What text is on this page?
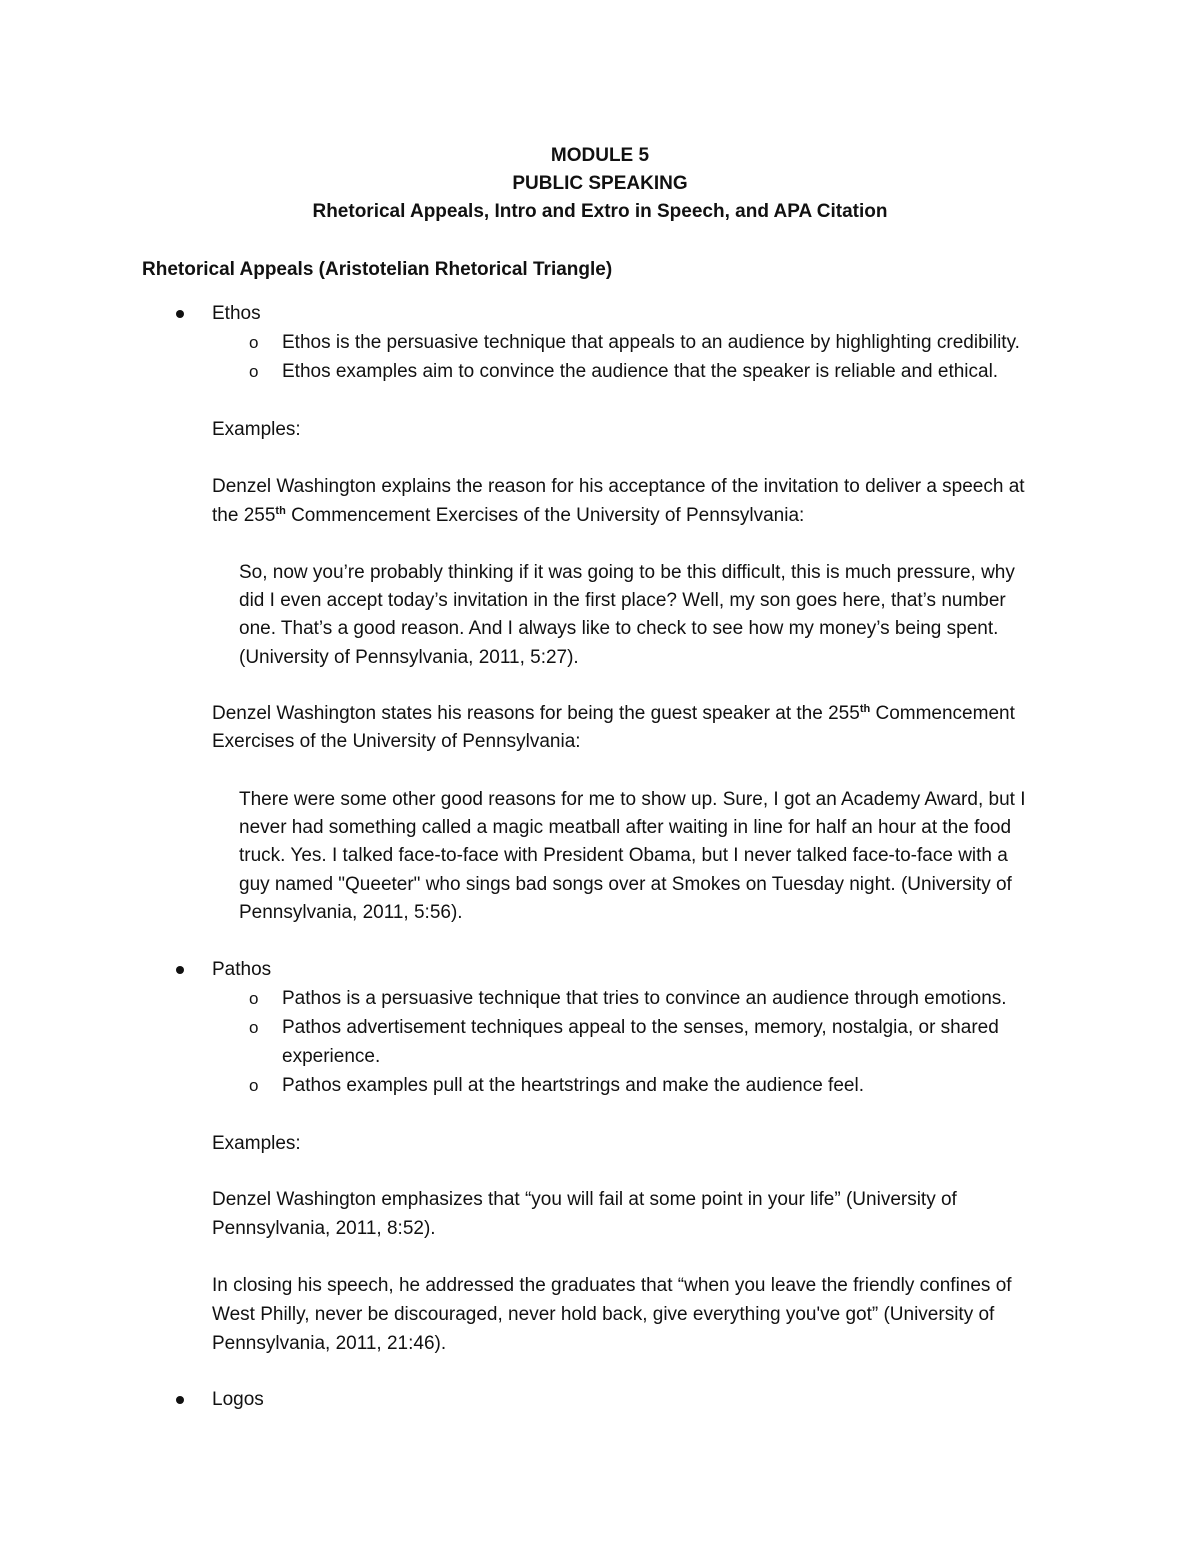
MODULE 5
PUBLIC SPEAKING
Rhetorical Appeals, Intro and Extro in Speech, and APA Citation
Rhetorical Appeals (Aristotelian Rhetorical Triangle)
Ethos
o Ethos is the persuasive technique that appeals to an audience by highlighting credibility.
o Ethos examples aim to convince the audience that the speaker is reliable and ethical.
Examples:
Denzel Washington explains the reason for his acceptance of the invitation to deliver a speech at
the 255th Commencement Exercises of the University of Pennsylvania:
So, now you’re probably thinking if it was going to be this difficult, this is much pressure, why
did I even accept today’s invitation in the first place? Well, my son goes here, that’s number
one. That’s a good reason. And I always like to check to see how my money’s being spent.
(University of Pennsylvania, 2011, 5:27).
Denzel Washington states his reasons for being the guest speaker at the 255th Commencement
Exercises of the University of Pennsylvania:
There were some other good reasons for me to show up. Sure, I got an Academy Award, but I
never had something called a magic meatball after waiting in line for half an hour at the food
truck. Yes. I talked face-to-face with President Obama, but I never talked face-to-face with a
guy named "Queeter" who sings bad songs over at Smokes on Tuesday night. (University of
Pennsylvania, 2011, 5:56).
Pathos
o Pathos is a persuasive technique that tries to convince an audience through emotions.
o Pathos advertisement techniques appeal to the senses, memory, nostalgia, or shared
experience.
o Pathos examples pull at the heartstrings and make the audience feel.
Examples:
Denzel Washington emphasizes that “you will fail at some point in your life” (University of
Pennsylvania, 2011, 8:52).
In closing his speech, he addressed the graduates that “when you leave the friendly confines of
West Philly, never be discouraged, never hold back, give everything you've got” (University of
Pennsylvania, 2011, 21:46).
Logos
